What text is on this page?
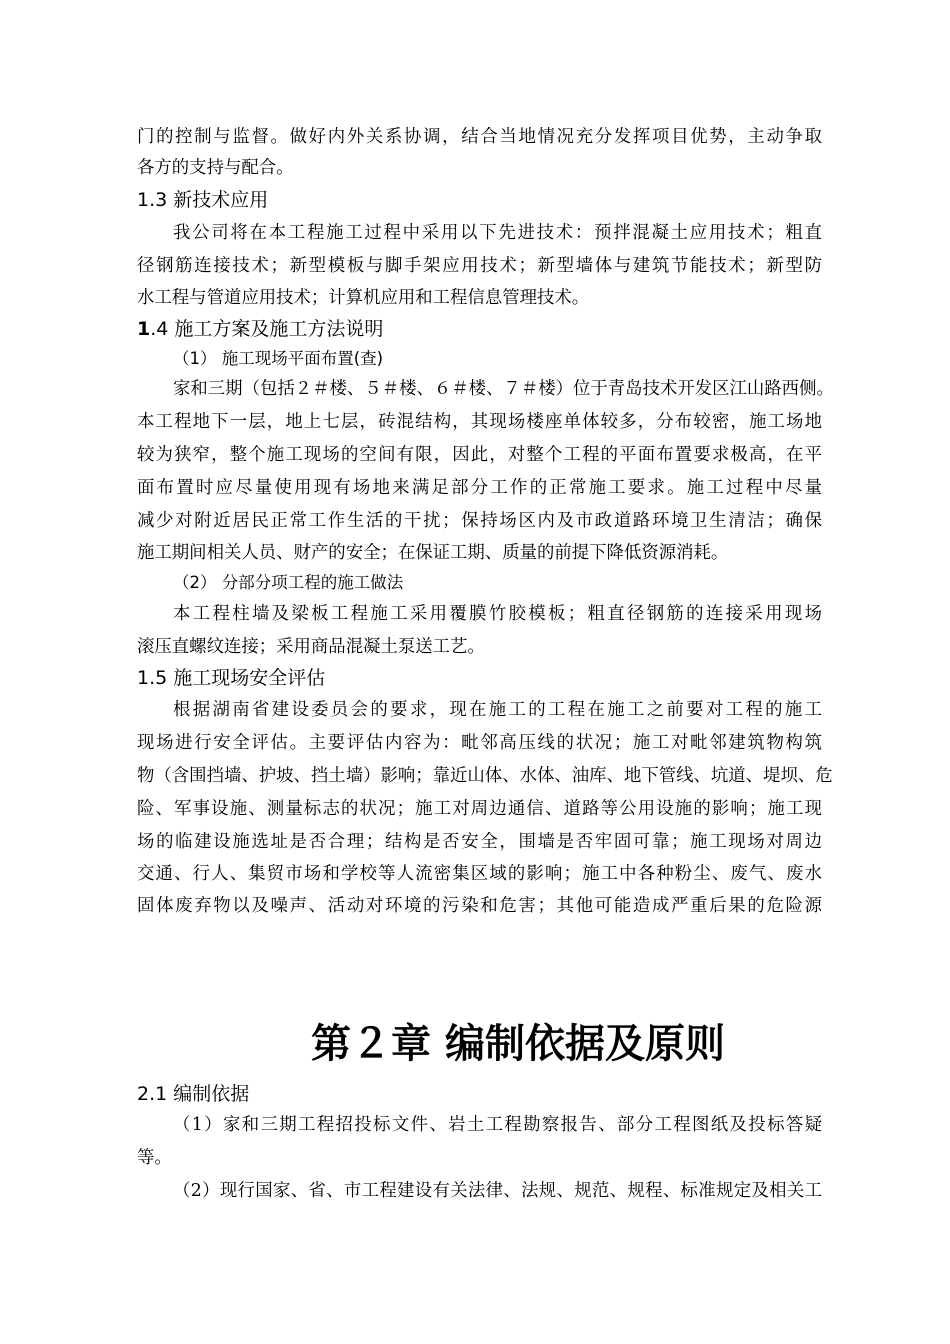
门的控制与监督。做好内外关系协调，结合当地情况充分发挥项目优势，主动争取
各方的支持与配合。
1.3 新技术应用
我公司将在本工程施工过程中采用以下先进技术：预拌混凝土应用技术；粗直
径钢筋连接技术；新型模板与脚手架应用技术；新型墙体与建筑节能技术；新型防
水工程与管道应用技术；计算机应用和工程信息管理技术。
1.4 施工方案及施工方法说明
（1） 施工现场平面布置(查)
家和三期（包括２＃楼、５＃楼、６＃楼、７＃楼）位于青岛技术开发区江山路西侧。
本工程地下一层，地上七层，砖混结构，其现场楼座单体较多，分布较密，施工场地
较为狭窄，整个施工现场的空间有限，因此，对整个工程的平面布置要求极高，在平
面布置时应尽量使用现有场地来满足部分工作的正常施工要求。施工过程中尽量
减少对附近居民正常工作生活的干扰；保持场区内及市政道路环境卫生清洁；确保
施工期间相关人员、财产的安全；在保证工期、质量的前提下降低资源消耗。
（2） 分部分项工程的施工做法
本工程柱墙及梁板工程施工采用覆膜竹胶模板；粗直径钢筋的连接采用现场
滚压直螺纹连接；采用商品混凝土泵送工艺。
1.5 施工现场安全评估
根据湖南省建设委员会的要求，现在施工的工程在施工之前要对工程的施工
现场进行安全评估。主要评估内容为：毗邻高压线的状况；施工对毗邻建筑物构筑
物（含围挡墙、护坡、挡土墙）影响；靠近山体、水体、油库、地下管线、坑道、堤坝、危
险、军事设施、测量标志的状况；施工对周边通信、道路等公用设施的影响；施工现
场的临建设施选址是否合理；结构是否安全，围墙是否牢固可靠；施工现场对周边
交通、行人、集贸市场和学校等人流密集区域的影响；施工中各种粉尘、废气、废水
固体废弃物以及噪声、活动对环境的污染和危害；其他可能造成严重后果的危险源
第２章 编制依据及原则
2.1 编制依据
（1）家和三期工程招投标文件、岩土工程勘察报告、部分工程图纸及投标答疑
等。
（2）现行国家、省、市工程建设有关法律、法规、规范、规程、标准规定及相关工
